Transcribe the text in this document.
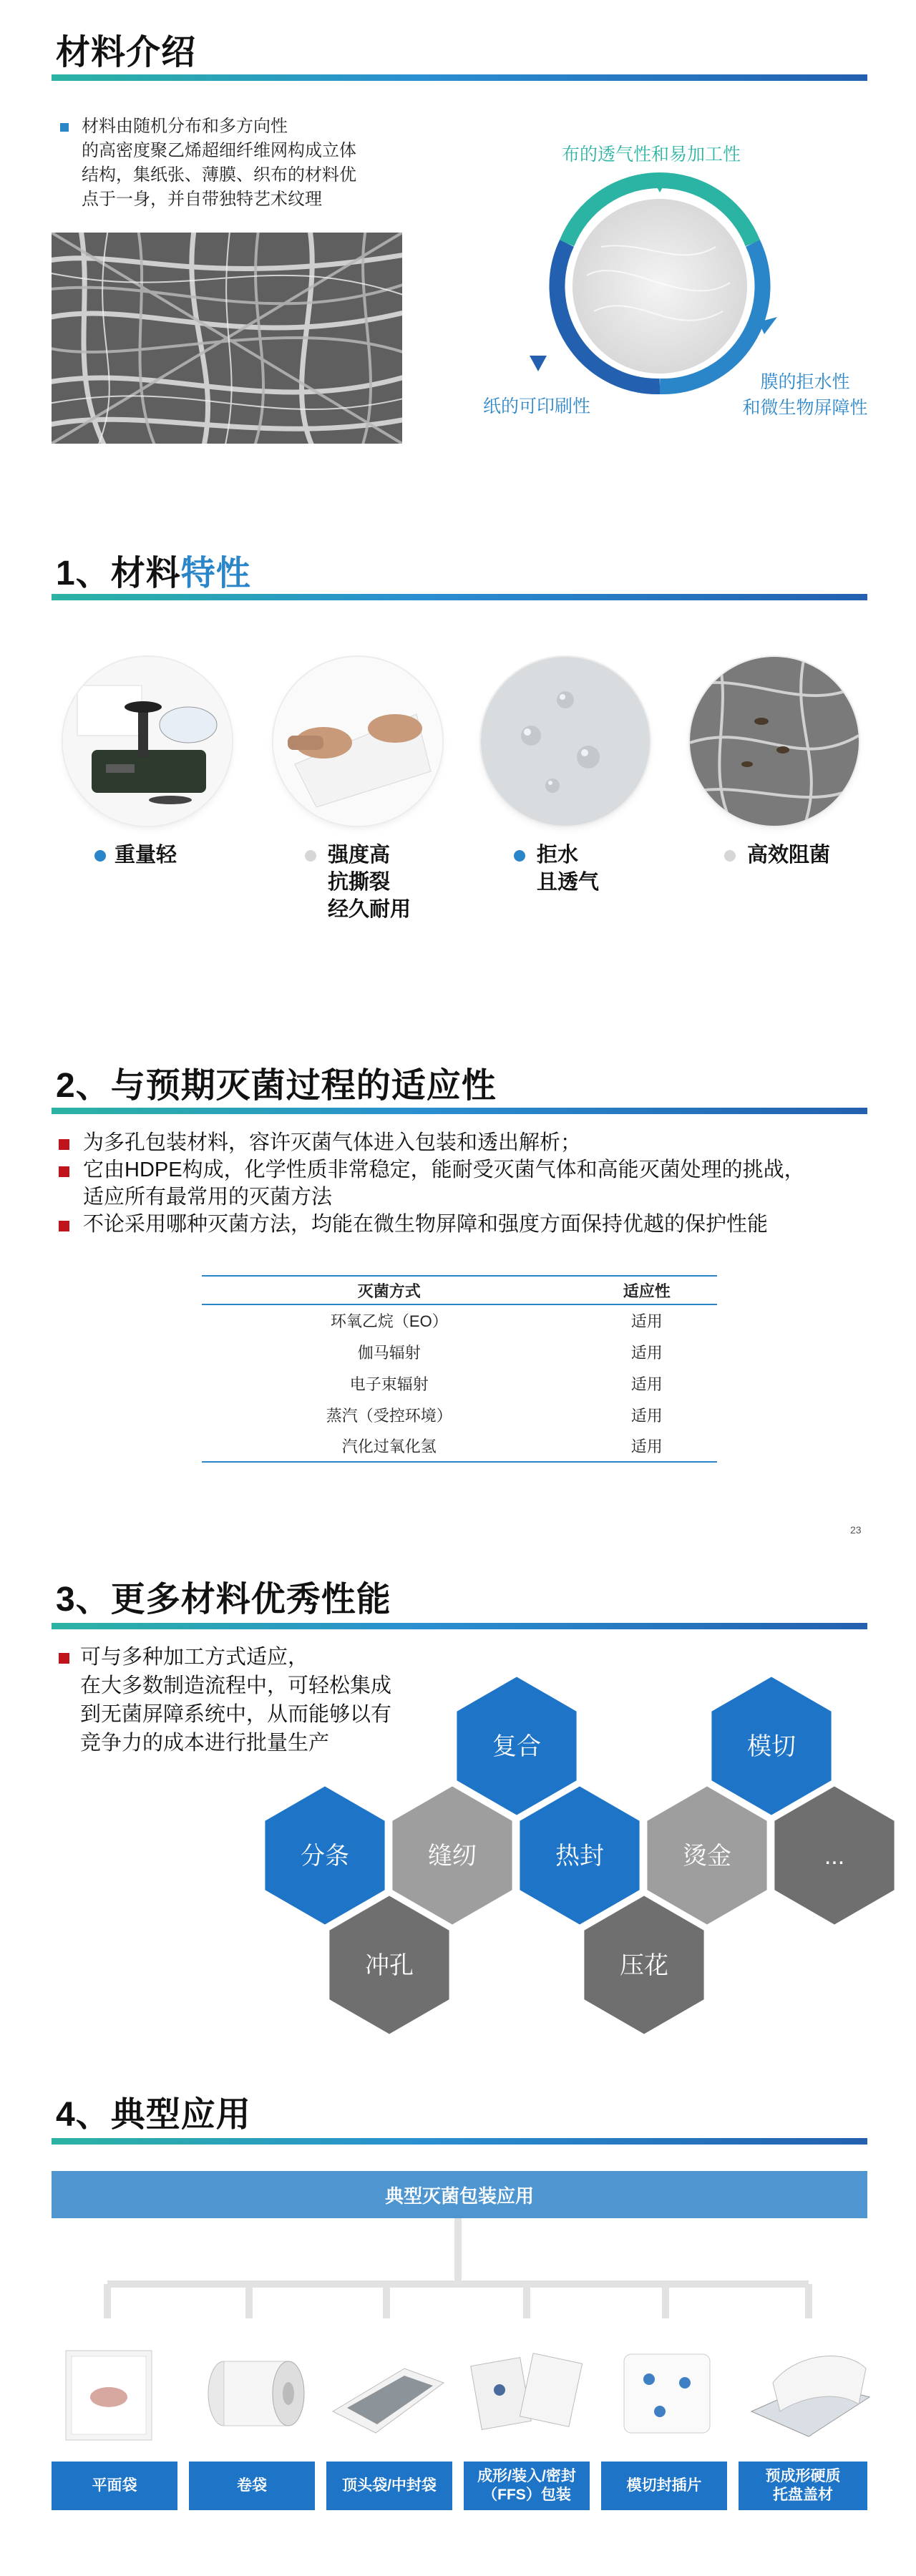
材料介绍
材料由随机分布和多方向性
的高密度聚乙烯超细纤维网构成立体
结构，集纸张、薄膜、织布的材料优
点于一身，并自带独特艺术纹理
布的透气性和易加工性
纸的可印刷性
膜的拒水性
和微生物屏障性
1、材料特性
重量轻	强度高
抗撕裂
经久耐用
拒水
且透气
高效阻菌
2、与预期灭菌过程的适应性
为多孔包装材料，容许灭菌气体进入包装和透出解析；
它由HDPE构成，化学性质非常稳定，能耐受灭菌气体和高能灭菌处理的挑战，
适应所有最常用的灭菌方法
不论采用哪种灭菌方法，均能在微生物屏障和强度方面保持优越的保护性能
灭菌方式	适应性
环氧乙烷（EO）	适用
伽马辐射	适用
电子束辐射	适用
蒸汽（受控环境）	适用
汽化过氧化氢	适用
23
3、更多材料优秀性能
可与多种加工方式适应，
在大多数制造流程中，可轻松集成
到无菌屏障系统中，从而能够以有
竞争力的成本进行批量生产	复合	模切
分条	缝纫	热封	烫金	...
冲孔	压花
4、典型应用
典型灭菌包装应用
平面袋	卷袋	顶头袋/中封袋
成形/装入/密封
（FFS）包装
模切封插片
预成形硬质
托盘盖材
